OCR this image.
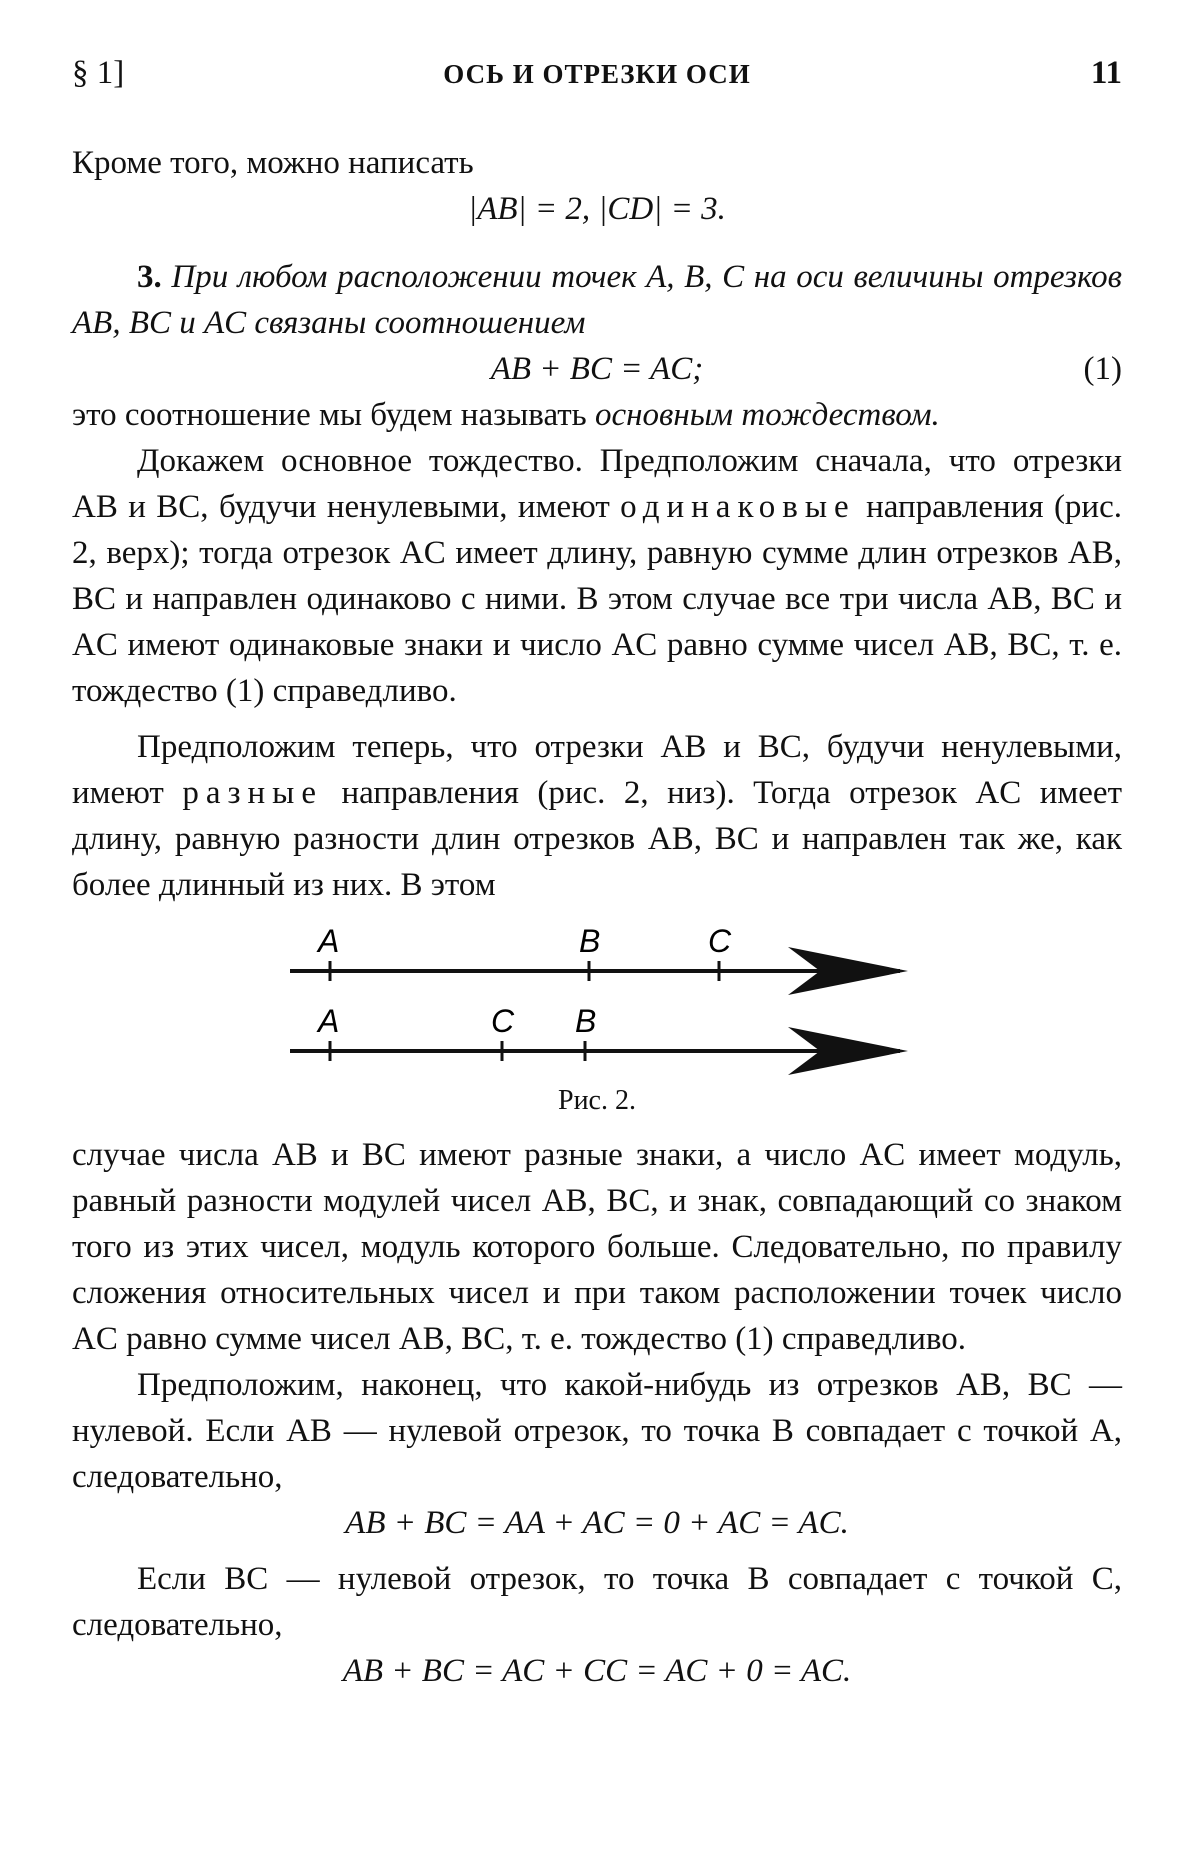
§ 1]	ОСЬ И ОТРЕЗКИ ОСИ	11

Кроме того, можно написать

|AB| = 2, |CD| = 3.

3. При любом расположении точек A, B, C на оси величины отрезков AB, BC и AC связаны соотношением

AB + BC = AC;	(1)

это соотношение мы будем называть основным тождеством.

Докажем основное тождество. Предположим сначала, что отрезки AB и BC, будучи ненулевыми, имеют одинаковые направления (рис. 2, верх); тогда отрезок AC имеет длину, равную сумме длин отрезков AB, BC и направлен одинаково с ними. В этом случае все три числа AB, BC и AC имеют одинаковые знаки и число AC равно сумме чисел AB, BC, т. е. тождество (1) справедливо.

Предположим теперь, что отрезки AB и BC, будучи ненулевыми, имеют разные направления (рис. 2, низ). Тогда отрезок AC имеет длину, равную разности длин отрезков AB, BC и направлен так же, как более длинный из них. В этом

A	B	C
A	C B
Рис. 2.

случае числа AB и BC имеют разные знаки, а число AC имеет модуль, равный разности модулей чисел AB, BC, и знак, совпадающий со знаком того из этих чисел, модуль которого больше. Следовательно, по правилу сложения относительных чисел и при таком расположении точек число AC равно сумме чисел AB, BC, т. е. тождество (1) справедливо.

Предположим, наконец, что какой-нибудь из отрезков AB, BC — нулевой. Если AB — нулевой отрезок, то точка B совпадает с точкой A, следовательно,

AB + BC = AA + AC = 0 + AC = AC.

Если BC — нулевой отрезок, то точка B совпадает с точкой C, следовательно,

AB + BC = AC + CC = AC + 0 = AC.
